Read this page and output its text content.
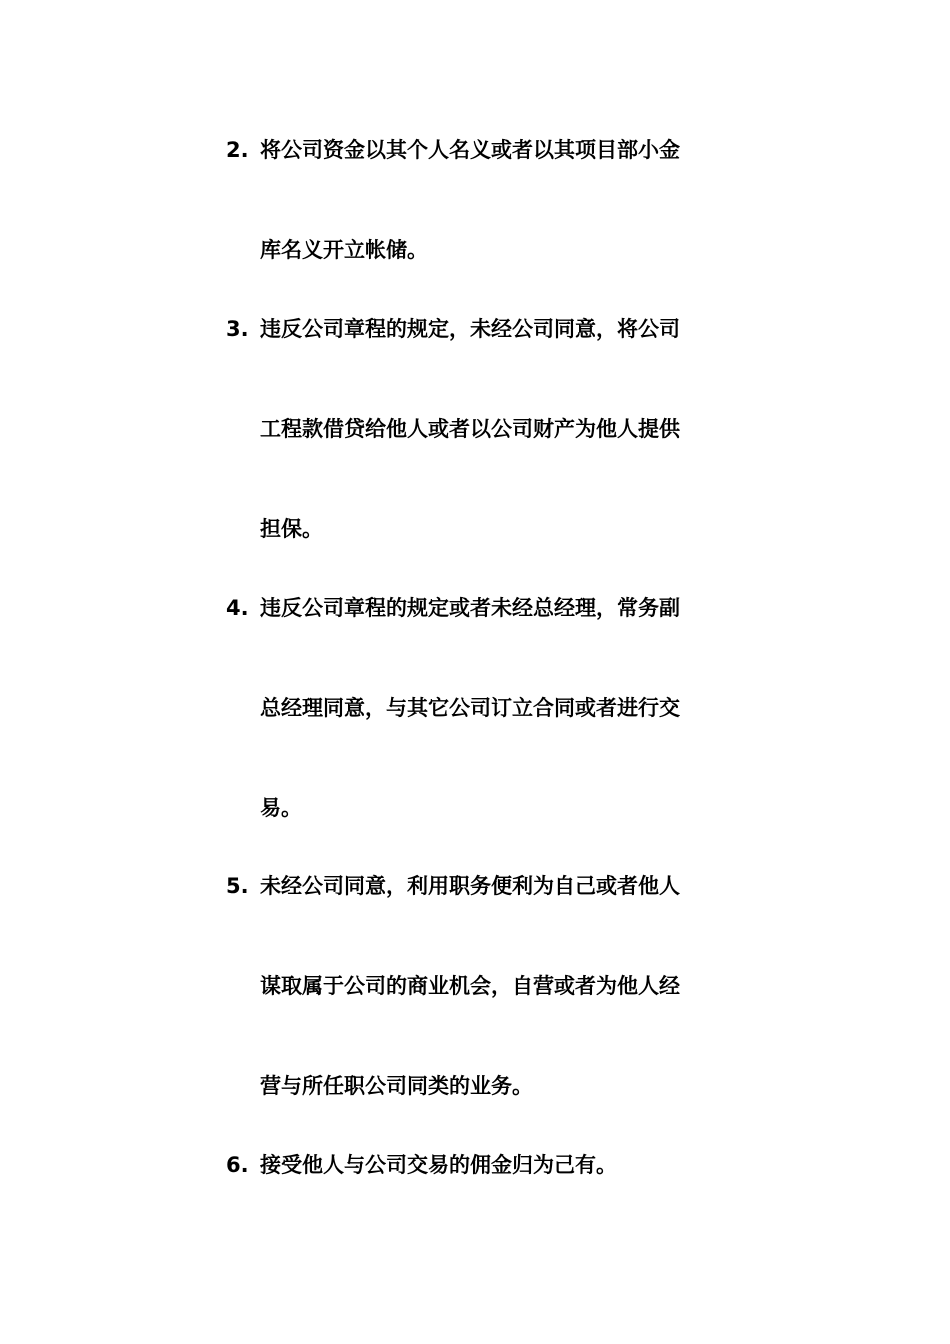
2. 将公司资金以其个人名义或者以其项目部小金
库名义开立帐储。
3. 违反公司章程的规定，未经公司同意，将公司
工程款借贷给他人或者以公司财产为他人提供
担保。
4. 违反公司章程的规定或者未经总经理，常务副
总经理同意，与其它公司订立合同或者进行交
易。
5. 未经公司同意，利用职务便利为自己或者他人
谋取属于公司的商业机会，自营或者为他人经
营与所任职公司同类的业务。
6. 接受他人与公司交易的佣金归为己有。
